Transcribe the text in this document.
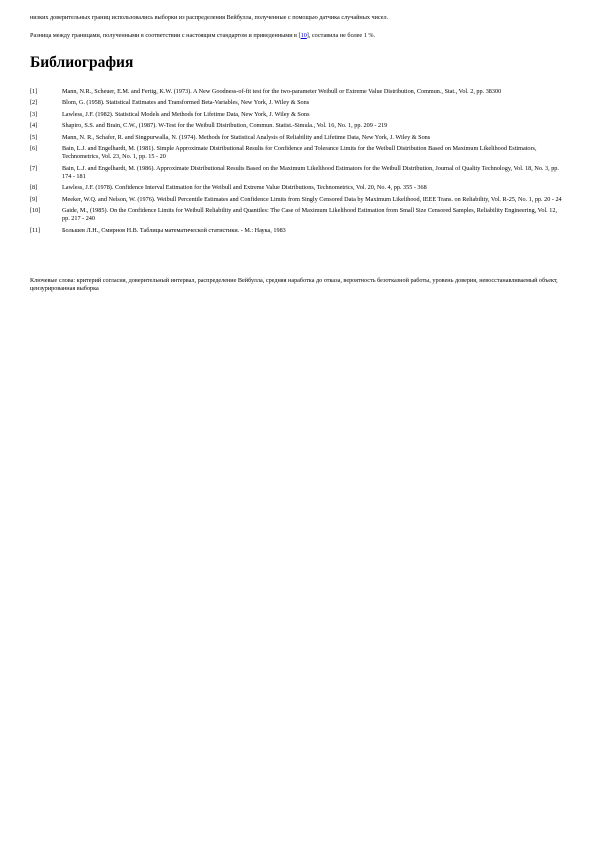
низких доверительных границ использовались выборки из распределения Вейбулла, полученные с помощью датчика случайных чисел.

Разница между границами, полученными в соответствии с настоящим стандартом и приведенными в [10], составила не более 1 %.

Библиография
[1]	Mann, N.R., Scheuer, E.M. and Fertig, K.W. (1973). A New Goodness-of-fit test for the two-parameter Weibull or Extreme Value Distribution, Commun., Stat., Vol. 2, pp. 38300
[2]	Blom, G. (1958). Statistical Estimates and Transformed Beta-Variables, New York, J. Wiley & Sons
[3]	Lawless, J.F. (1982). Statistical Models and Methods for Lifetime Data, New York, J. Wiley & Sons
[4]	Shapiro, S.S. and Brain, C.W., (1987). W-Test for the Weibull Distribution, Commun. Statist.-Simula., Vol. 16, No. 1, pp. 209 - 219
[5]	Mann, N. R., Schafer, R. and Singpurwalla, N. (1974). Methods for Statistical Analysis of Reliability and Lifetime Data, New York, J. Wiley & Sons
[6]	Bain, L.J. and Engelhardt, M. (1981). Simple Approximate Distributional Results for Confidence and Tolerance Limits for the Weibull Distribution Based on Maximum Likelihood Estimators, Technometrics, Vol. 23, No. 1, pp. 15 - 20
[7]	Bain, L.J. and Engelhardt, M. (1986). Approximate Distributional Results Based on the Maximum Likelihood Estimators for the Weibull Distribution, Journal of Quality Technology, Vol. 18, No. 3, pp. 174 - 181
[8]	Lawless, J.F. (1978). Confidence Interval Estimation for the Weibull and Extreme Value Distributions, Technometrics, Vol. 20, No. 4, pp. 355 - 368
[9]	Meeker, W.Q. and Nelson, W. (1976). Weibull Percentile Estimates and Confidence Limits from Singly Censored Data by Maximum Likelihood, IEEE Trans. on Reliability, Vol. R-25, No. 1, pp. 20 - 24
[10]	Gaide, M., (1985). On the Confidence Limits for Weibull Reliability and Quantiles: The Case of Maximum Likelihood Estimation from Small Size Censored Samples, Reliability Engineering, Vol. 12, pp. 217 - 240
[11]	Большев Л.Н., Смирнов Н.В. Таблицы математической статистики. - М.: Наука, 1983

Ключевые слова: критерий согласия, доверительный интервал, распределение Вейбулла, средняя наработка до отказа, вероятность безотказной работы, уровень доверия, невосстанавливаемый объект, цензурированная выборка
